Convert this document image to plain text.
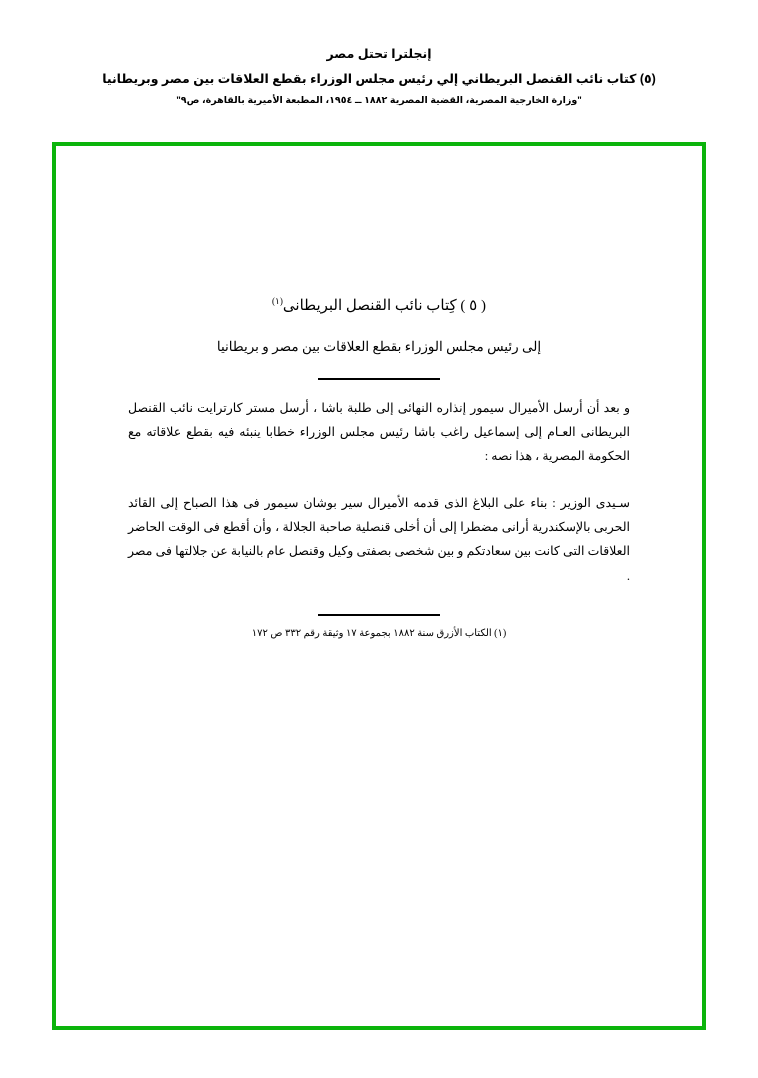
إنجلترا تحتل مصر
(٥) كتاب نائب القنصل البريطاني إلي رئيس مجلس الوزراء بقطع العلاقات بين مصر وبريطانيا
"وزارة الخارجية المصرية، القضية المصرية ١٨٨٢ ــ ١٩٥٤، المطبعة الأميرية بالقاهرة، ص٩"
( ٥ ) كِتاب نائب القنصل البريطانى$^{(١)}$
إلى رئيس مجلس الوزراء بقطع العلاقات بين مصر و بريطانيا

و بعد أن أرسل الأميرال سيمور إنذاره النهائى إلى طلبة باشا ، أرسل مستر كارترايت نائب القنصل البريطانى العـام إلى إسماعيل راغب باشا رئيس مجلس الوزراء خطابا ينبئه فيه بقطع علاقاته مع الحكومة المصرية ، هذا نصه :

سـيدى الوزير : بناء على البلاغ الذى قدمه الأميرال سير بوشان سيمور فى هذا الصباح إلى القائد الحربى بالإسكندرية أرانى مضطرا إلى أن أخلى قنصلية صاحبة الجلالة ، وأن أقطع فى الوقت الحاضر العلاقات التى كانت بين سعادتكم و بين شخصى بصفتى وكيل وقنصل عام بالنيابة عن جلالتها فى مصر .

(١) الكتاب الأزرق سنة ١٨٨٢ بجموعة ١٧ وثيقة رقم ٣٣٢ ص ١٧٢
